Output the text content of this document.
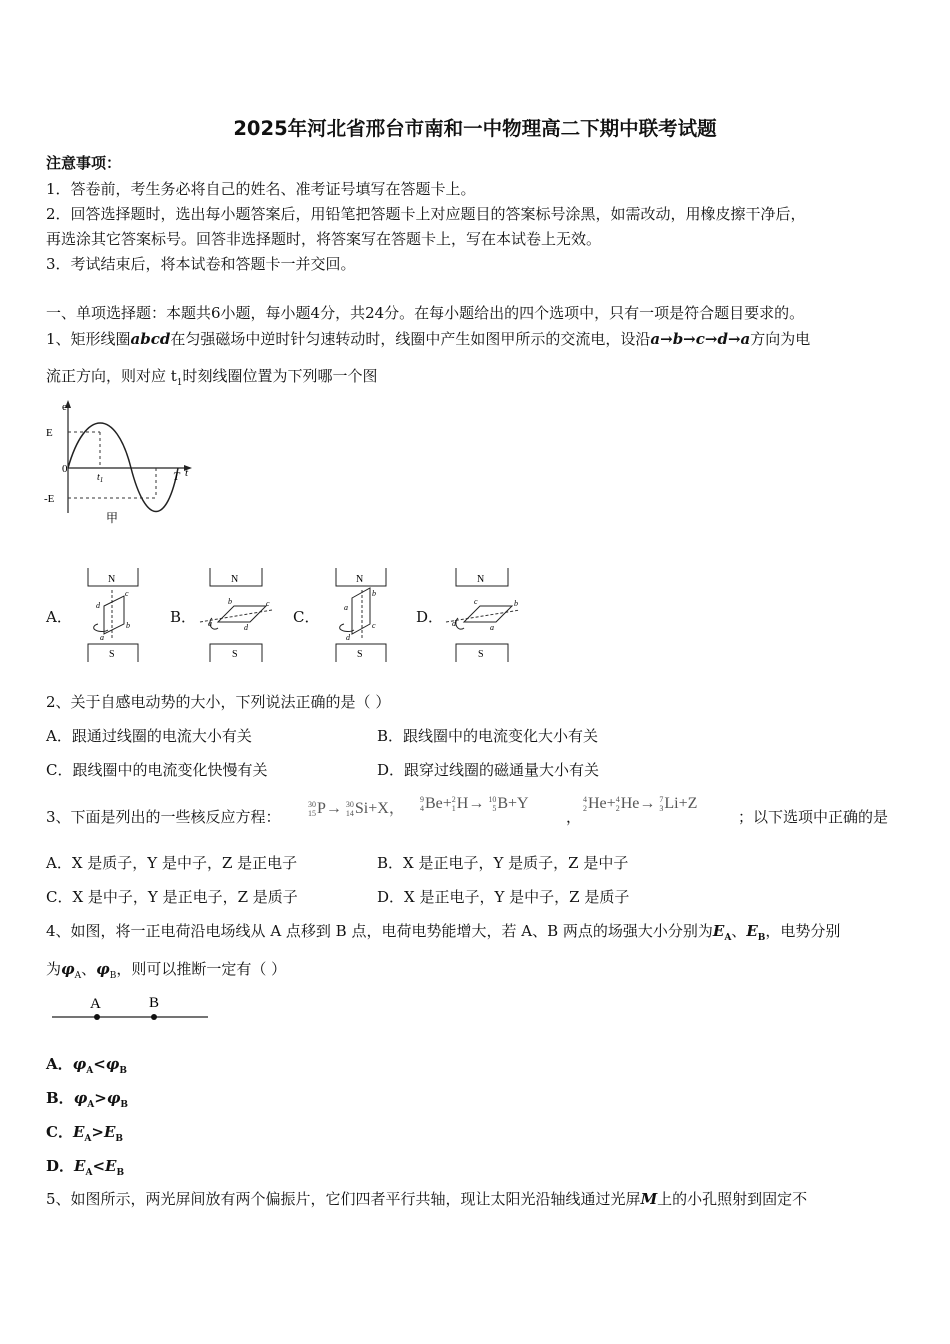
2025年河北省邢台市南和一中物理高二下期中联考试题
注意事项：
1．答卷前，考生务必将自己的姓名、准考证号填写在答题卡上。
2．回答选择题时，选出每小题答案后，用铅笔把答题卡上对应题目的答案标号涂黑，如需改动，用橡皮擦干净后，
再选涂其它答案标号。回答非选择题时，将答案写在答题卡上，写在本试卷上无效。
3．考试结束后，将本试卷和答题卡一并交回。
一、单项选择题：本题共6小题，每小题4分，共24分。在每小题给出的四个选项中，只有一项是符合题目要求的。
1、矩形线圈abcd在匀强磁场中逆时针匀速转动时，线圈中产生如图甲所示的交流电，设沿a→b→c→d→a方向为电
流正方向，则对应 $t_1$时刻线圈位置为下列哪一个图
e
E
0
-E
$t_1$	T t
甲
A．
N
S
d
c
b
a
B．
N
S
b	c
d
a	C．
N
S
a
b
c
d
D．
N
S
c	b
a
d
2、关于自感电动势的大小，下列说法正确的是（ ）
A．跟通过线圈的电流大小有关	B．跟线圈中的电流变化大小有关
C．跟线圈中的电流变化快慢有关	D．跟穿过线圈的磁通量大小有关
3、下面是列出的一些核反应方程：
30
15 P→ 30
14 Si+X，
9
4 Be+ 2
1 H→ 10
5 B+Y
，
4
2 He+ 4
2 He→ 7
3 Li+Z
；以下选项中正确的是
A．X 是质子，Y 是中子，Z 是正电子	B．X 是正电子，Y 是质子，Z 是中子
C．X 是中子，Y 是正电子，Z 是质子	D．X 是正电子，Y 是中子，Z 是质子
4、如图，将一正电荷沿电场线从 A 点移到 B 点，电荷电势能增大，若 A、B 两点的场强大小分别为$E_A$、$E_B$，电势分别
为$\varphi_A$、$\varphi_B$，则可以推断一定有（ ）
A	B
A．$\varphi_A<\varphi_B$
B．$\varphi_A>\varphi_B$
C．$E_A>E_B$
D．$E_A<E_B$
5、如图所示，两光屏间放有两个偏振片，它们四者平行共轴，现让太阳光沿轴线通过光屏M上的小孔照射到固定不
